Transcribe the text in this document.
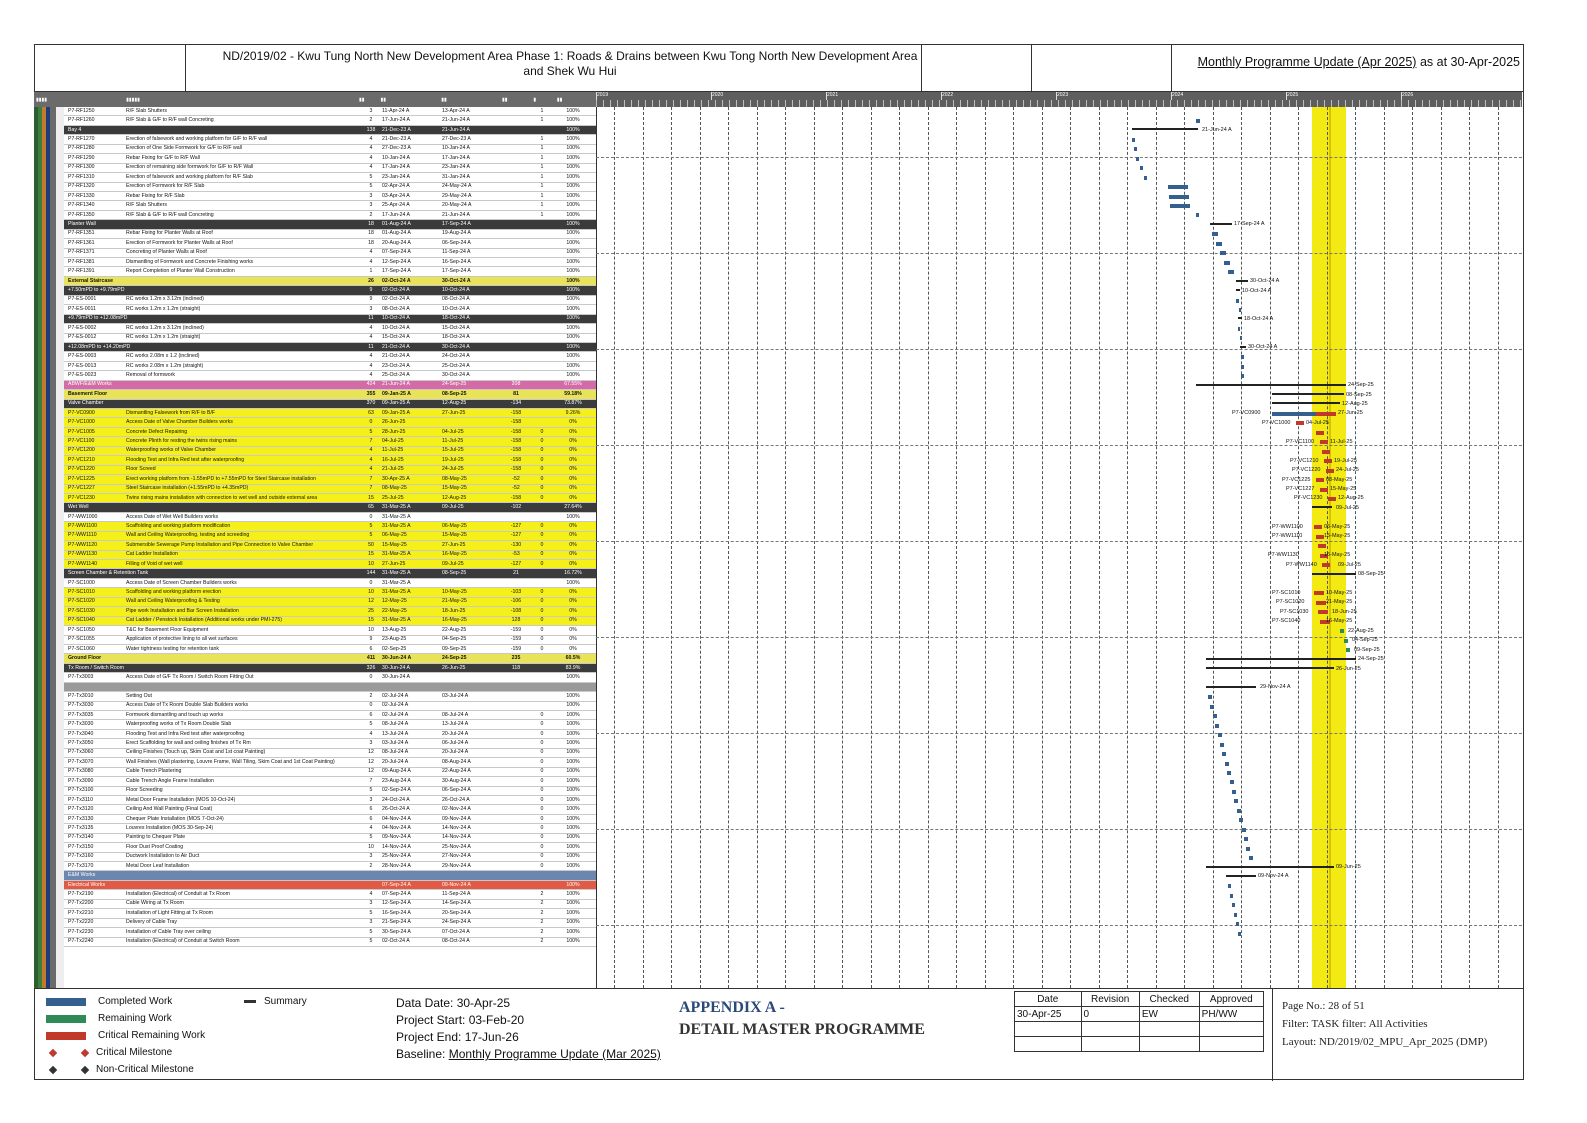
ND/2019/02 - Kwu Tung North New Development Area Phase 1: Roads & Drains between Kwu Tong North New Development Area
and Shek Wu Hui
Monthly Programme Update (Apr 2025) as at 30-Apr-2025
▮▮▮▮	▮▮▮▮▮	▮▮	▮▮	▮▮	▮▮	▮	▮▮
P7-RF1250	R/F Slab Shutters	3	11-Apr-24 A	13-Apr-24 A	1	100%
P7-RF1260	R/F Slab & G/F to R/F wall Concreting	2	17-Jun-24 A	21-Jun-24 A	1	100%
Bay 4	138	21-Dec-23 A	21-Jun-24 A	100%
P7-RF1270	Erection of falsework and working platform for G/F to R/F wall	4	21-Dec-23 A	27-Dec-23 A	1	100%
P7-RF1280	Erection of One Side Formwork for G/F to R/F wall	4	27-Dec-23 A	10-Jan-24 A	1	100%
P7-RF1290	Rebar Fixing for G/F to R/F Wall	4	10-Jan-24 A	17-Jan-24 A	1	100%
P7-RF1300	Erection of remaining side formwork for G/F to R/F Wall	4	17-Jan-24 A	23-Jan-24 A	1	100%
P7-RF1310	Erection of falsework and working platform for R/F Slab	5	23-Jan-24 A	31-Jan-24 A	1	100%
P7-RF1320	Erection of Formwork for R/F Slab	5	02-Apr-24 A	24-May-24 A	1	100%
P7-RF1330	Rebar Fixing for R/F Slab	3	03-Apr-24 A	29-May-24 A	1	100%
P7-RF1340	R/F Slab Shutters	3	25-Apr-24 A	20-May-24 A	1	100%
P7-RF1350	R/F Slab & G/F to R/F wall Concreting	2	17-Jun-24 A	21-Jun-24 A	1	100%
Planter Wall	18	01-Aug-24 A	17-Sep-24 A	100%
P7-RF1351	Rebar Fixing for Planter Walls at Roof	18	01-Aug-24 A	19-Aug-24 A	100%
P7-RF1361	Erection of Formwork for Planter Walls at Roof	18	20-Aug-24 A	06-Sep-24 A	100%
P7-RF1371	Concreting of Planter Walls at Roof	4	07-Sep-24 A	11-Sep-24 A	100%
P7-RF1381	Dismantling of Formwork and Concrete Finishing works	4	12-Sep-24 A	16-Sep-24 A	100%
P7-RF1391	Report Completion of Planter Wall Construction	1	17-Sep-24 A	17-Sep-24 A	100%
External Staircase	26	02-Oct-24 A	30-Oct-24 A	100%
+7.50mPD to +9.79mPD	9	02-Oct-24 A	10-Oct-24 A	100%
P7-ES-0001	RC works 1.2m x 3.12m (inclined)	9	02-Oct-24 A	08-Oct-24 A	100%
P7-ES-0011	RC works 1.2m x 1.2m (straight)	3	08-Oct-24 A	10-Oct-24 A	100%
+9.79mPD to +12.08mPD	11	10-Oct-24 A	18-Oct-24 A	100%
P7-ES-0002	RC works 1.2m x 3.12m (inclined)	4	10-Oct-24 A	15-Oct-24 A	100%
P7-ES-0012	RC works 1.2m x 1.2m (straight)	4	15-Oct-24 A	18-Oct-24 A	100%
+12.08mPD to +14.20mPD	11	21-Oct-24 A	30-Oct-24 A	100%
P7-ES-0003	RC works 2.08m x 1.2 (inclined)	4	21-Oct-24 A	24-Oct-24 A	100%
P7-ES-0013	RC works 2.08m x 1.2m (straight)	4	23-Oct-24 A	25-Oct-24 A	100%
P7-ES-0023	Removal of formwork	4	25-Oct-24 A	30-Oct-24 A	100%
ABWF/E&M Works	424	21-Jun-24 A	24-Sep-25	208	67.55%
Basement Floor	355	09-Jan-25 A	08-Sep-25	81	59.18%
Valve Chamber	370	09-Jan-25 A	12-Aug-25	-134	73.87%
P7-VC0900	Dismantling Falsework from R/F to B/F	63	09-Jan-25 A	27-Jun-25	-158	9.26%
P7-VC1000	Access Date of Valve Chamber Builders works	0	26-Jun-25	-158	0%
P7-VC1005	Concrete Defect Repairing	5	28-Jun-25	04-Jul-25	-158	0	0%
P7-VC1100	Concrete Plinth for resting the twins rising mains	7	04-Jul-25	11-Jul-25	-158	0	0%
P7-VC1200	Waterproofing works of Valve Chamber	4	11-Jul-25	15-Jul-25	-158	0	0%
P7-VC1210	Flooding Test and Infra Red test after waterproofing	4	16-Jul-25	19-Jul-25	-158	0	0%
P7-VC1220	Floor Screed	4	21-Jul-25	24-Jul-25	-158	0	0%
P7-VC1225	Erect working platform from -1.55mPD to +7.55mPD for Steel Staircase installation	7	30-Apr-25 A	08-May-25	-52	0	0%
P7-VC1227	Steel Staircase installation (+1.55mPD to +4.35mPD)	7	08-May-25	15-May-25	-52	0	0%
P7-VC1230	Twins rising mains installation with connection to wet well and outside external area	15	25-Jul-25	12-Aug-25	-158	0	0%
Wet Well	65	31-Mar-25 A	09-Jul-25	-102	27.64%
P7-WW1000	Access Date of Wet Well Builders works	0	31-Mar-25 A	100%
P7-WW1100	Scaffolding and working platform modification	5	31-Mar-25 A	06-May-25	-127	0	0%
P7-WW1110	Wall and Ceiling Waterproofing, testing and screeding	5	06-May-25	15-May-25	-127	0	0%
P7-WW1120	Submersible Sewerage Pump Installation and Pipe Connection to Valve Chamber	50	15-May-25	27-Jun-25	-130	0	0%
P7-WW1130	Cat Ladder Installation	15	31-Mar-25 A	16-May-25	-53	0	0%
P7-WW1140	Filling of Void of wet well	10	27-Jun-25	09-Jul-25	-127	0	0%
Screen Chamber & Retention Tank	144	31-Mar-25 A	08-Sep-25	21	16.72%
P7-SC1000	Access Date of Screen Chamber Builders works	0	31-Mar-25 A	100%
P7-SC1010	Scaffolding and working platform erection	10	31-Mar-25 A	10-May-25	-103	0	0%
P7-SC1020	Wall and Ceiling Waterproofing & Testing	12	12-May-25	21-May-25	-106	0	0%
P7-SC1030	Pipe work Installation and Bar Screen Installation	25	22-May-25	18-Jun-25	-108	0	0%
P7-SC1040	Cat Ladder / Penstock Installation (Additional works under PMI-275)	15	31-Mar-25 A	16-May-25	128	0	0%
P7-SC1050	T&C for Basement Floor Equipment	10	13-Aug-25	22-Aug-25	-159	0	0%
P7-SC1055	Application of protective lining to all wet surfaces	9	23-Aug-25	04-Sep-25	-159	0	0%
P7-SC1060	Water tightness testing for retention tank	6	02-Sep-25	09-Sep-25	-159	0	0%
Ground Floor	411	30-Jun-24 A	24-Sep-25	235	60.5%
Tx Room / Switch Room	326	30-Jun-24 A	26-Jun-25	118	83.9%
P7-Tx3003	Access Date of G/F Tx Room / Switch Room Fitting Out	0	30-Jun-24 A	100%
P7-Tx3010	Setting Out	2	02-Jul-24 A	03-Jul-24 A	100%
P7-Tx3030	Access Date of Tx Room Double Slab Builders works	0	02-Jul-24 A	100%
P7-Tx3035	Formwork dismantling and touch up works	6	02-Jul-24 A	08-Jul-24 A	0	100%
P7-Tx3030	Waterproofing works of Tx Room Double Slab	5	08-Jul-24 A	13-Jul-24 A	0	100%
P7-Tx3040	Flooding Test and Infra Red test after waterproofing	4	13-Jul-24 A	20-Jul-24 A	0	100%
P7-Tx3050	Erect Scaffolding for wall and ceiling finishes of Tx Rm	3	03-Jul-24 A	06-Jul-24 A	0	100%
P7-Tx3060	Ceiling Finishes (Touch up, Skim Coat and 1st coat Painting)	12	08-Jul-24 A	20-Jul-24 A	0	100%
P7-Tx3070	Wall Finishes (Wall plastering, Louvre Frame, Wall Tiling, Skim Coat and 1st Coat Painting)	12	20-Jul-24 A	08-Aug-24 A	0	100%
P7-Tx3080	Cable Trench Plastering	12	09-Aug-24 A	22-Aug-24 A	0	100%
P7-Tx3090	Cable Trench Angle Frame Installation	7	23-Aug-24 A	30-Aug-24 A	0	100%
P7-Tx3100	Floor Screeding	5	02-Sep-24 A	06-Sep-24 A	0	100%
P7-Tx3110	Metal Door Frame Installation (MOS 10-Oct-24)	3	24-Oct-24 A	26-Oct-24 A	0	100%
P7-Tx3120	Ceiling And Wall Painting (Final Coat)	6	26-Oct-24 A	02-Nov-24 A	0	100%
P7-Tx3130	Chequer Plate Installation (MOS 7-Oct-24)	6	04-Nov-24 A	09-Nov-24 A	0	100%
P7-Tx3135	Louvres Installation (MOS 30-Sep-24)	4	04-Nov-24 A	14-Nov-24 A	0	100%
P7-Tx3140	Painting to Chequer Plate	5	09-Nov-24 A	14-Nov-24 A	0	100%
P7-Tx3150	Floor Dust Proof Coating	10	14-Nov-24 A	25-Nov-24 A	0	100%
P7-Tx3160	Ductwork Installation to Air Duct	3	25-Nov-24 A	27-Nov-24 A	0	100%
P7-Tx3170	Metal Door Leaf Installation	2	28-Nov-24 A	29-Nov-24 A	0	100%
E&M Works
Electrical Works	07-Sep-24 A	09-Nov-24 A	100%
P7-Tx2190	Installation (Electrical) of Conduit at Tx Room	4	07-Sep-24 A	11-Sep-24 A	2	100%
P7-Tx2200	Cable Wiring at Tx Room	3	12-Sep-24 A	14-Sep-24 A	2	100%
P7-Tx2210	Installation of Light Fitting at Tx Room	5	16-Sep-24 A	20-Sep-24 A	2	100%
P7-Tx2220	Delivery of Cable Tray	3	21-Sep-24 A	24-Sep-24 A	2	100%
P7-Tx2230	Installation of Cable Tray over ceiling	5	30-Sep-24 A	07-Oct-24 A	2	100%
P7-Tx2240	Installation (Electrical) of Conduit at Switch Room	5	02-Oct-24 A	08-Oct-24 A	2	100%
2019	2020	2021	2022	2023	2024	2025	2026
21-Jun-24 A
17-Sep-24 A
30-Oct-24 A
10-Oct-24 A
18-Oct-24 A
30-Oct-24 A
24-Sep-25
08-Sep-25
12-Aug-25
27-Jun-25
P7-VC0900
P7-VC1000	04-Jul-25
P7-VC1100	11-Jul-25
P7-VC1210	19-Jul-25
P7-VC1220	24-Jul-25
P7-VC1225	08-May-25
P7-VC1227	15-May-25
P7-VC1230	12-Aug-25
09-Jul-25
P7-WW1100	06-May-25
P7-WW1110	15-May-25
P7-WW1130	16-May-25
P7-WW1140	09-Jul-25
08-Sep-25
P7-SC1010	10-May-25
P7-SC1020	21-May-25
P7-SC1030	18-Jun-25
P7-SC1040	16-May-25
22-Aug-25
04-Sep-25
09-Sep-25
24-Sep-25
26-Jun-25
29-Nov-24 A
09-Nov-24 A
09-Jun-25
Completed Work
Remaining Work
Critical Remaining Work
Critical Milestone
Non-Critical Milestone
Summary	Data Date: 30-Apr-25
Project Start: 03-Feb-20
Project End: 17-Jun-26
Baseline: Monthly Programme Update (Mar 2025)
APPENDIX A -
DETAIL MASTER PROGRAMME
Date	Revision	Checked	Approved
30-Apr-25	0	EW	PH/WW

Page No.: 28 of 51
Filter: TASK filter: All Activities
Layout: ND/2019/02_MPU_Apr_2025 (DMP)
